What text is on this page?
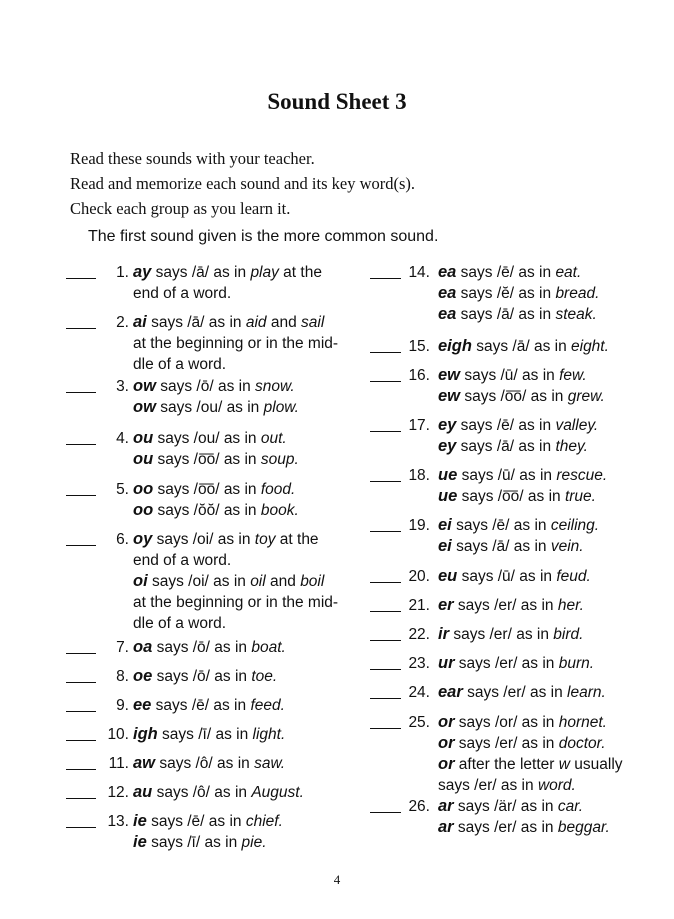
Sound Sheet 3
Read these sounds with your teacher.
Read and memorize each sound and its key word(s).
Check each group as you learn it.
The first sound given is the more common sound.
1. ay says /ā/ as in play at the
end of a word.
2. ai says /ā/ as in aid and sail
at the beginning or in the mid-
dle of a word.
3. ow says /ō/ as in snow.
ow says /ou/ as in plow.
4. ou says /ou/ as in out.
ou says /o͞o/ as in soup.
5. oo says /o͞o/ as in food.
oo says /ŏŏ/ as in book.
6. oy says /oi/ as in toy at the
end of a word.
oi says /oi/ as in oil and boil
at the beginning or in the mid-
dle of a word.
7. oa says /ō/ as in boat.
8. oe says /ō/ as in toe.
9. ee says /ē/ as in feed.
10. igh says /ī/ as in light.
11. aw says /ô/ as in saw.
12. au says /ô/ as in August.
13. ie says /ē/ as in chief.
ie says /ī/ as in pie.
14. ea says /ē/ as in eat.
ea says /ĕ/ as in bread.
ea says /ā/ as in steak.
15. eigh says /ā/ as in eight.
16. ew says /ū/ as in few.
ew says /o͞o/ as in grew.
17. ey says /ē/ as in valley.
ey says /ā/ as in they.
18. ue says /ū/ as in rescue.
ue says /o͞o/ as in true.
19. ei says /ē/ as in ceiling.
ei says /ā/ as in vein.
20. eu says /ū/ as in feud.
21. er says /er/ as in her.
22. ir says /er/ as in bird.
23. ur says /er/ as in burn.
24. ear says /er/ as in learn.
25. or says /or/ as in hornet.
or says /er/ as in doctor.
or after the letter w usually
says /er/ as in word.
26. ar says /är/ as in car.
ar says /er/ as in beggar.
4
